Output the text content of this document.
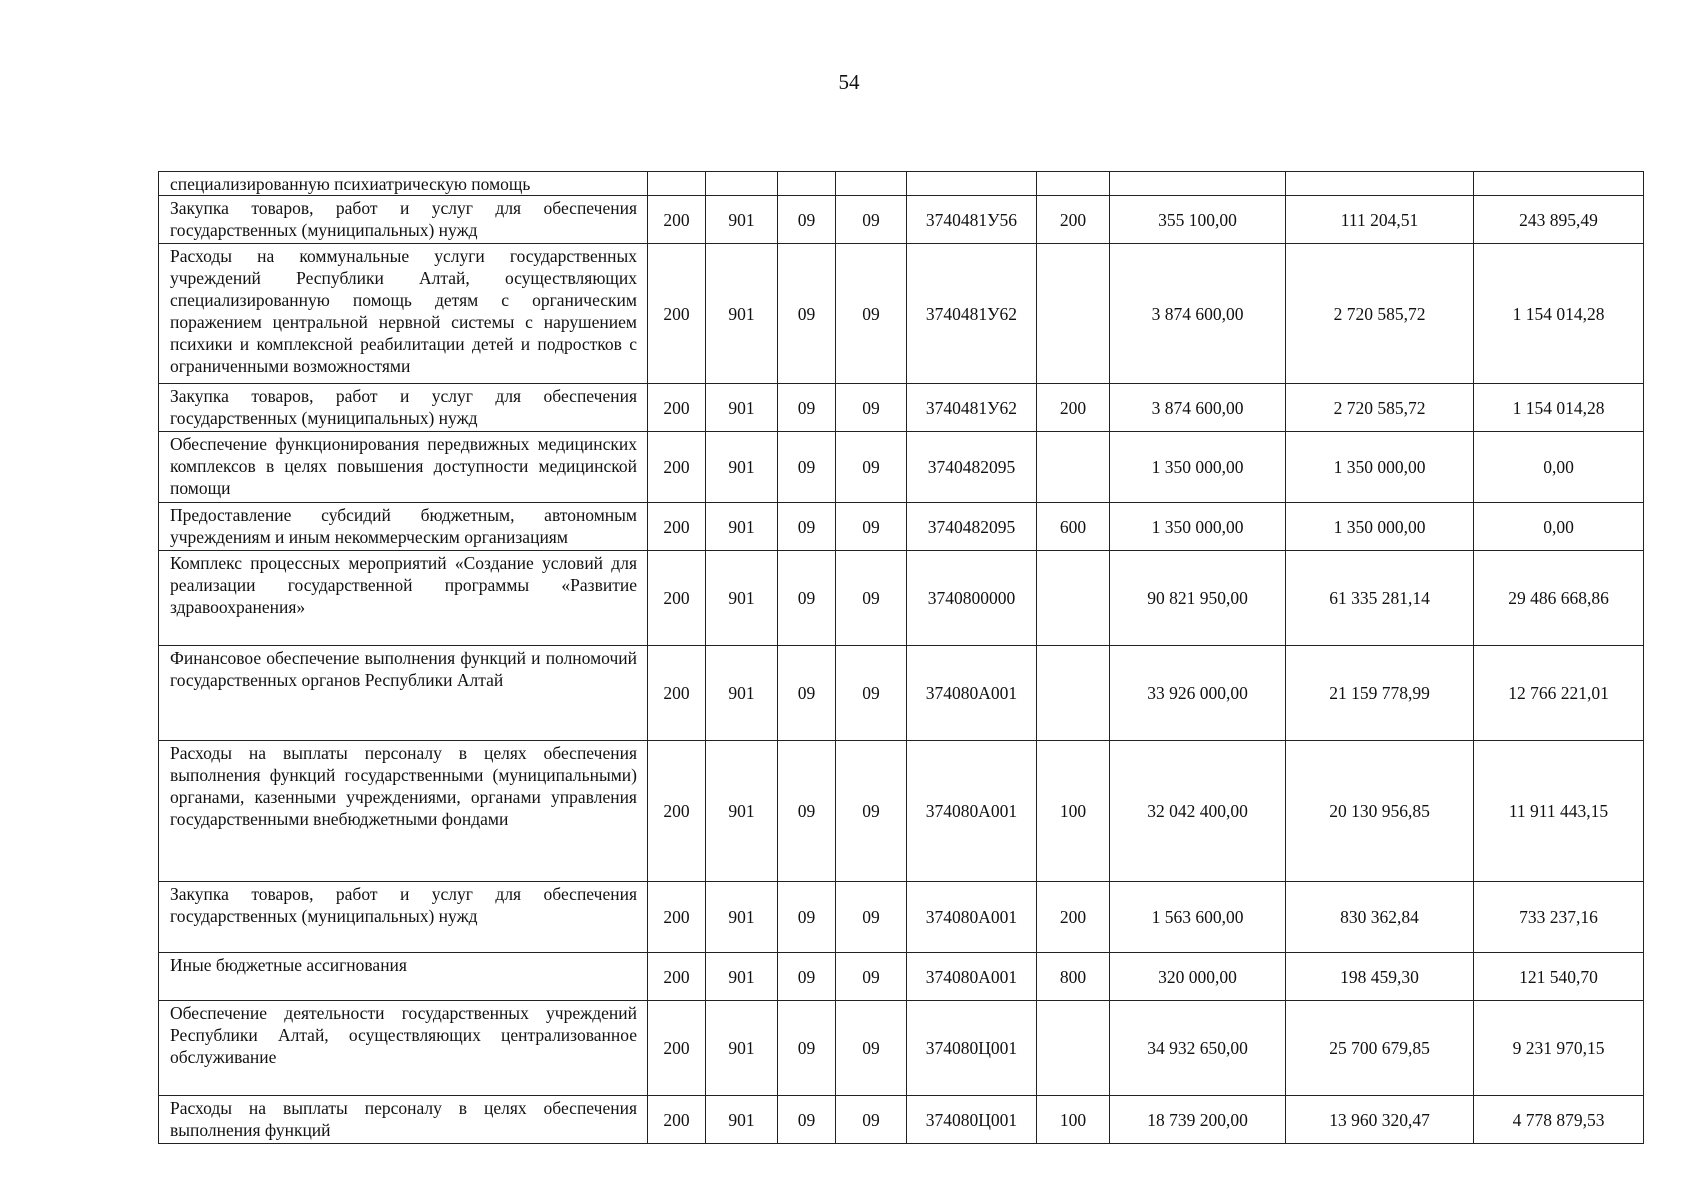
54
специализированную психиатрическую помощь									
Закупка товаров, работ и услуг для обеспечения государственных (муниципальных) нужд	200	901	09	09	3740481У56	200	355 100,00	111 204,51	243 895,49
Расходы на коммунальные услуги государственных учреждений Республики Алтай, осуществляющих специализированную помощь детям с органическим поражением центральной нервной системы с нарушением психики и комплексной реабилитации детей и подростков с ограниченными возможностями	200	901	09	09	3740481У62		3 874 600,00	2 720 585,72	1 154 014,28
Закупка товаров, работ и услуг для обеспечения государственных (муниципальных) нужд	200	901	09	09	3740481У62	200	3 874 600,00	2 720 585,72	1 154 014,28
Обеспечение функционирования передвижных медицинских комплексов в целях повышения доступности медицинской помощи	200	901	09	09	3740482095		1 350 000,00	1 350 000,00	0,00
Предоставление субсидий бюджетным, автономным учреждениям и иным некоммерческим организациям	200	901	09	09	3740482095	600	1 350 000,00	1 350 000,00	0,00
Комплекс процессных мероприятий «Создание условий для реализации государственной программы «Развитие здравоохранения»	200	901	09	09	3740800000		90 821 950,00	61 335 281,14	29 486 668,86
Финансовое обеспечение выполнения функций и полномочий государственных органов Республики Алтай	200	901	09	09	374080А001		33 926 000,00	21 159 778,99	12 766 221,01
Расходы на выплаты персоналу в целях обеспечения выполнения функций государственными (муниципальными) органами, казенными учреждениями, органами управления государственными внебюджетными фондами	200	901	09	09	374080А001	100	32 042 400,00	20 130 956,85	11 911 443,15
Закупка товаров, работ и услуг для обеспечения государственных (муниципальных) нужд	200	901	09	09	374080А001	200	1 563 600,00	830 362,84	733 237,16
Иные бюджетные ассигнования	200	901	09	09	374080А001	800	320 000,00	198 459,30	121 540,70
Обеспечение деятельности государственных учреждений Республики Алтай, осуществляющих централизованное обслуживание	200	901	09	09	374080Ц001		34 932 650,00	25 700 679,85	9 231 970,15
Расходы на выплаты персоналу в целях обеспечения выполнения функций	200	901	09	09	374080Ц001	100	18 739 200,00	13 960 320,47	4 778 879,53
